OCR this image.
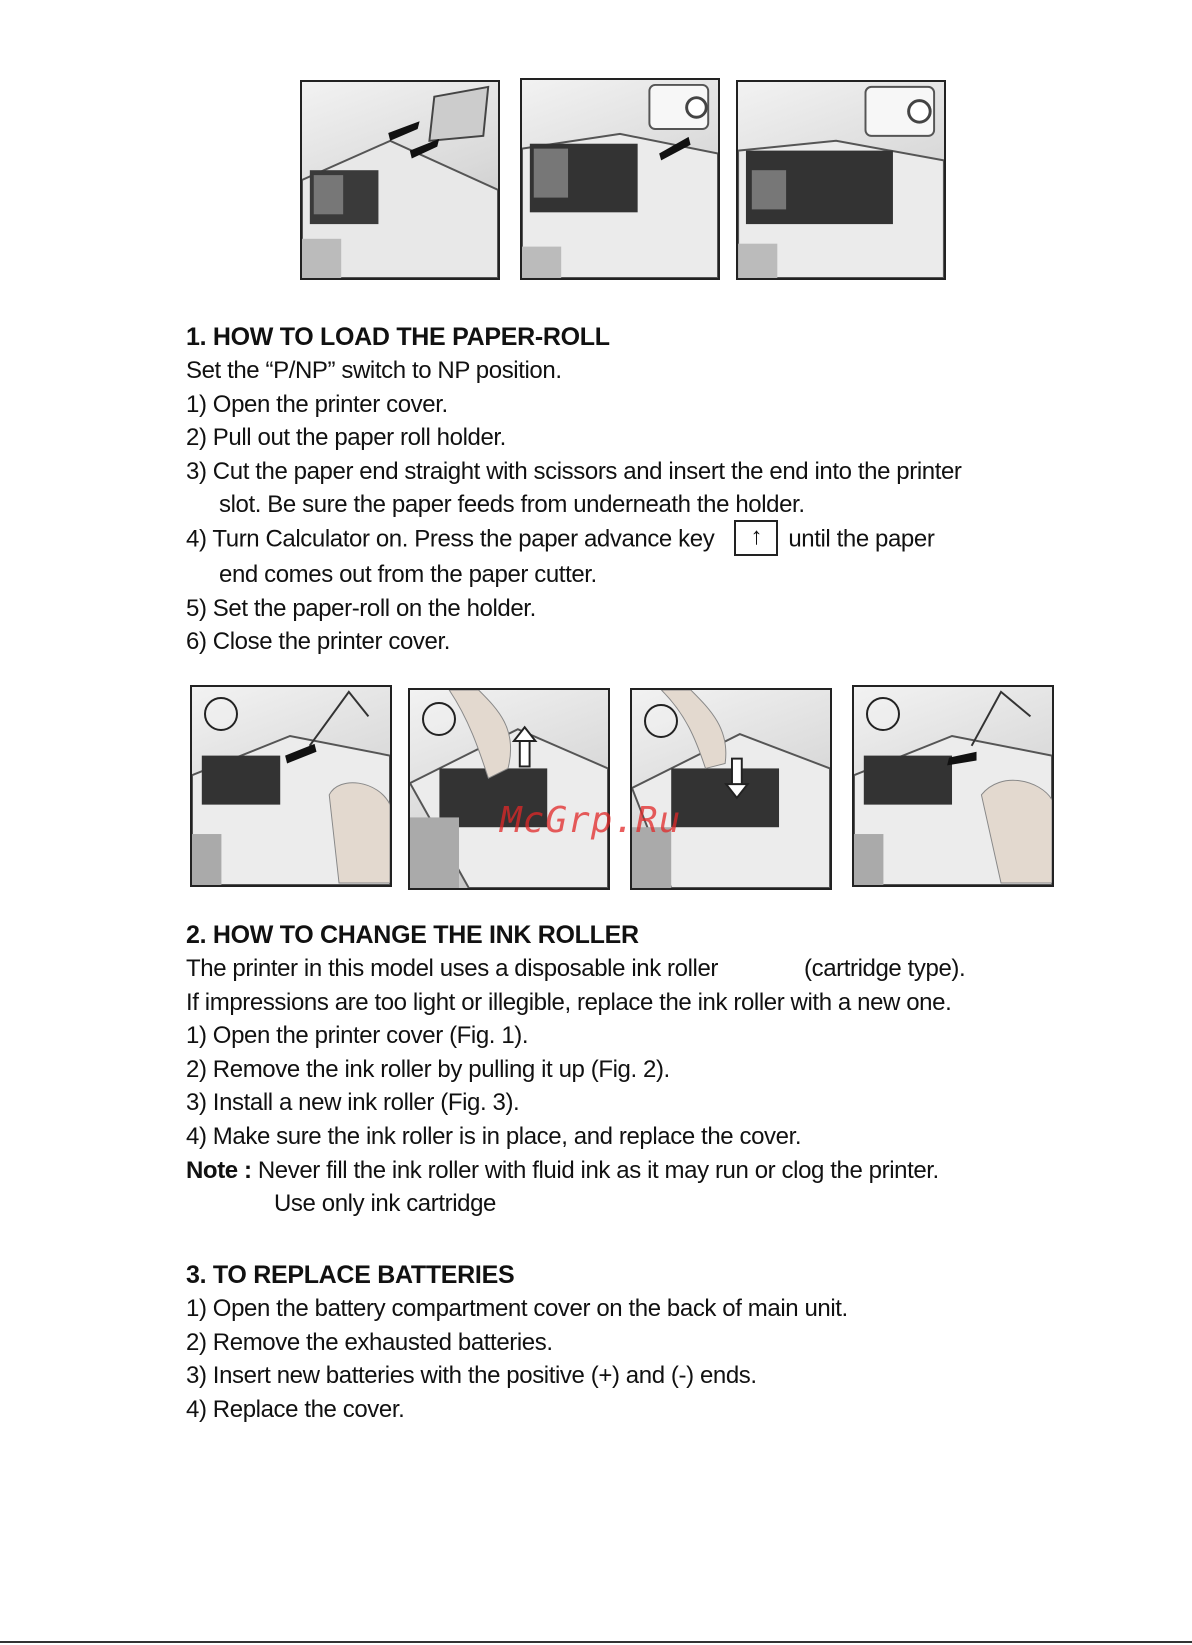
1. HOW TO LOAD THE PAPER-ROLL
Set the “P/NP” switch to NP position.
1) Open the printer cover.
2) Pull out the paper roll holder.
3) Cut the paper end straight with scissors and insert the end into the printer
slot. Be sure the paper feeds from underneath the holder.
4) Turn Calculator on. Press the paper advance key ↑ until the paper
end comes out from the paper cutter.
5) Set the paper-roll on the holder.
6) Close the printer cover.
McGrp.Ru
2. HOW TO CHANGE THE INK ROLLER
The printer in this model uses a disposable ink roller	(cartridge type).
If impressions are too light or illegible, replace the ink roller with a new one.
1) Open the printer cover (Fig. 1).
2) Remove the ink roller by pulling it up (Fig. 2).
3) Install a new ink roller (Fig. 3).
4) Make sure the ink roller is in place, and replace the cover.
Note : Never fill the ink roller with fluid ink as it may run or clog the printer.
Use only ink cartridge
3. TO REPLACE BATTERIES
1) Open the battery compartment cover on the back of main unit.
2) Remove the exhausted batteries.
3) Insert new batteries with the positive (+) and (-) ends.
4) Replace the cover.
